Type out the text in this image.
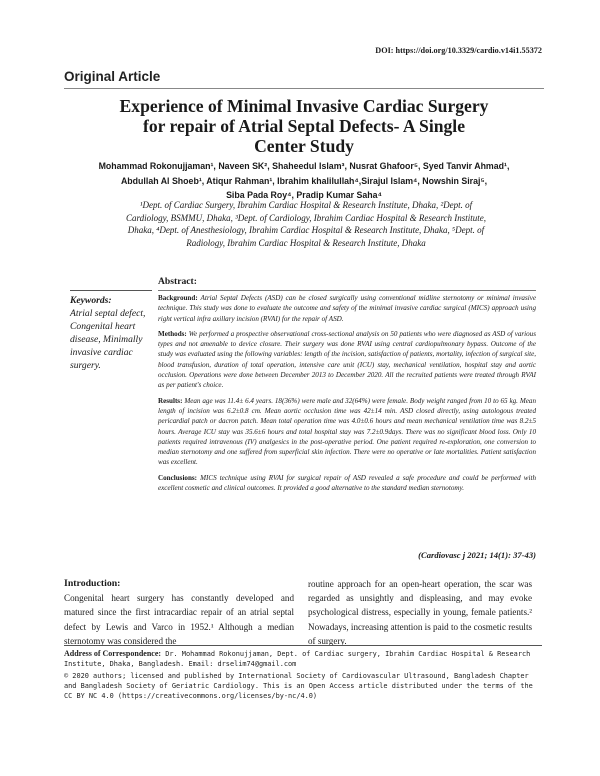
DOI: https://doi.org/10.3329/cardio.v14i1.55372
Original Article
Experience of Minimal Invasive Cardiac Surgery
for repair of Atrial Septal Defects- A Single
Center Study
Mohammad Rokonujjaman¹, Naveen SK², Shaheedul Islam³, Nusrat Ghafoor⁵, Syed Tanvir Ahmad¹,
Abdullah Al Shoeb¹, Atiqur Rahman¹, Ibrahim khalilullah⁴,Sirajul Islam⁴, Nowshin Siraj⁵,
Siba Pada Roy⁴, Pradip Kumar Saha⁴
¹Dept. of Cardiac Surgery, Ibrahim Cardiac Hospital & Research Institute, Dhaka, ²Dept. of
Cardiology, BSMMU, Dhaka, ³Dept. of Cardiology, Ibrahim Cardiac Hospital & Research Institute,
Dhaka, ⁴Dept. of Anesthesiology, Ibrahim Cardiac Hospital & Research Institute, Dhaka, ⁵Dept. of
Radiology, Ibrahim Cardiac Hospital & Research Institute, Dhaka
Abstract:
Keywords:
Atrial septal defect, Congenital heart disease, Minimally invasive cardiac surgery.

Background: Atrial Septal Defects (ASD) can be closed surgically using conventional midline sternotomy or minimal invasive technique. This study was done to evaluate the outcome and safety of the minimal invasive cardiac surgical (MICS) approach using right vertical infra axillary incision (RVAI) for the repair of ASD.

Methods: We performed a prospective observational cross-sectional analysis on 50 patients who were diagnosed as ASD of various types and not amenable to device closure. Their surgery was done RVAI using central cardiopulmonary bypass. Outcome of the study was evaluated using the following variables: length of the incision, satisfaction of patients, mortality, infection of surgical site, blood transfusion, duration of total operation, intensive care unit (ICU) stay, mechanical ventilation, hospital stay and aortic occlusion. Operations were done between December 2013 to December 2020. All the recruited patients were treated through RVAI as per patient's choice.

Results: Mean age was 11.4± 6.4 years. 18(36%) were male and 32(64%) were female. Body weight ranged from 10 to 65 kg. Mean length of incision was 6.2±0.8 cm. Mean aortic occlusion time was 42±14 min. ASD closed directly, using autologous treated pericardial patch or dacron patch. Mean total operation time was 4.0±0.6 hours and mean mechanical ventilation time was 8.2±5 hours. Average ICU stay was 35.6±6 hours and total hospital stay was 7.2±0.9days. There was no significant blood loss. Only 10 patients required intravenous (IV) analgesics in the post-operative period. One patient required re-exploration, one conversion to median sternotomy and one suffered from superficial skin infection. There were no operative or late mortalities. Patient satisfaction was excellent.

Conclusions: MICS technique using RVAI for surgical repair of ASD revealed a safe procedure and could be performed with excellent cosmetic and clinical outcomes. It provided a good alternative to the standard median sternotomy.

(Cardiovasc j 2021; 14(1): 37-43)
Introduction:
Congenital heart surgery has constantly developed and matured since the first intracardiac repair of an atrial septal defect by Lewis and Varco in 1952.¹ Although a median sternotomy was considered the
routine approach for an open-heart operation, the scar was regarded as unsightly and displeasing, and may evoke psychological distress, especially in young, female patients.² Nowadays, increasing attention is paid to the cosmetic results of surgery.

Address of Correspondence: Dr. Mohammad Rokonujjaman, Dept. of Cardiac surgery, Ibrahim Cardiac Hospital & Research Institute, Dhaka, Bangladesh. Email: drselim74@gmail.com

© 2020 authors; licensed and published by International Society of Cardiovascular Ultrasound, Bangladesh Chapter and Bangladesh Society of Geriatric Cardiology. This is an Open Access article distributed under the terms of the CC BY NC 4.0 (https://creativecommons.org/licenses/by-nc/4.0)
